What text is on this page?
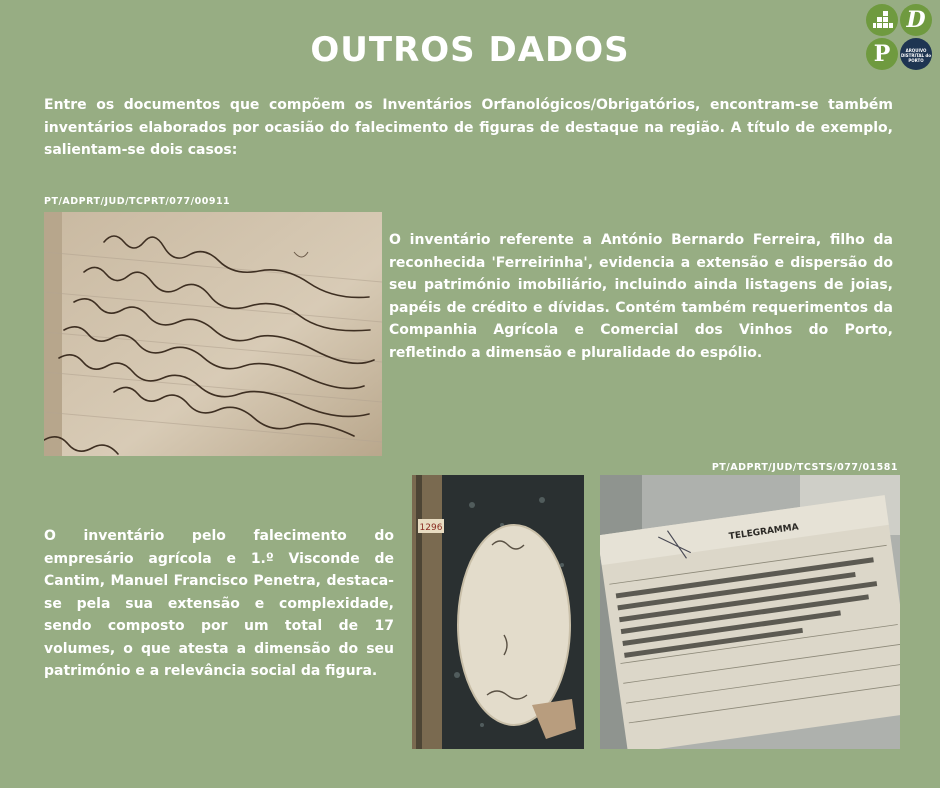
OUTROS DADOS
D
P	ARQUIVO DISTRITAL do PORTO
Entre os documentos que compõem os Inventários Orfanológicos/Obrigatórios, encontram-se também inventários elaborados por ocasião do falecimento de figuras de destaque na região. A título de exemplo, salientam-se dois casos:
PT/ADPRT/JUD/TCPRT/077/00911
O inventário referente a António Bernardo Ferreira, filho da reconhecida 'Ferreirinha', evidencia a extensão e dispersão do seu património imobiliário, incluindo ainda listagens de joias, papéis de crédito e dívidas. Contém também requerimentos da Companhia Agrícola e Comercial dos Vinhos do Porto, refletindo a dimensão e pluralidade do espólio.
PT/ADPRT/JUD/TCSTS/077/01581
O inventário pelo falecimento do empresário agrícola e 1.º Visconde de Cantim, Manuel Francisco Penetra, destaca-se pela sua extensão e complexidade, sendo composto por um total de 17 volumes, o que atesta a dimensão do seu património e a relevância social da figura.
1296	TELEGRAMMA
